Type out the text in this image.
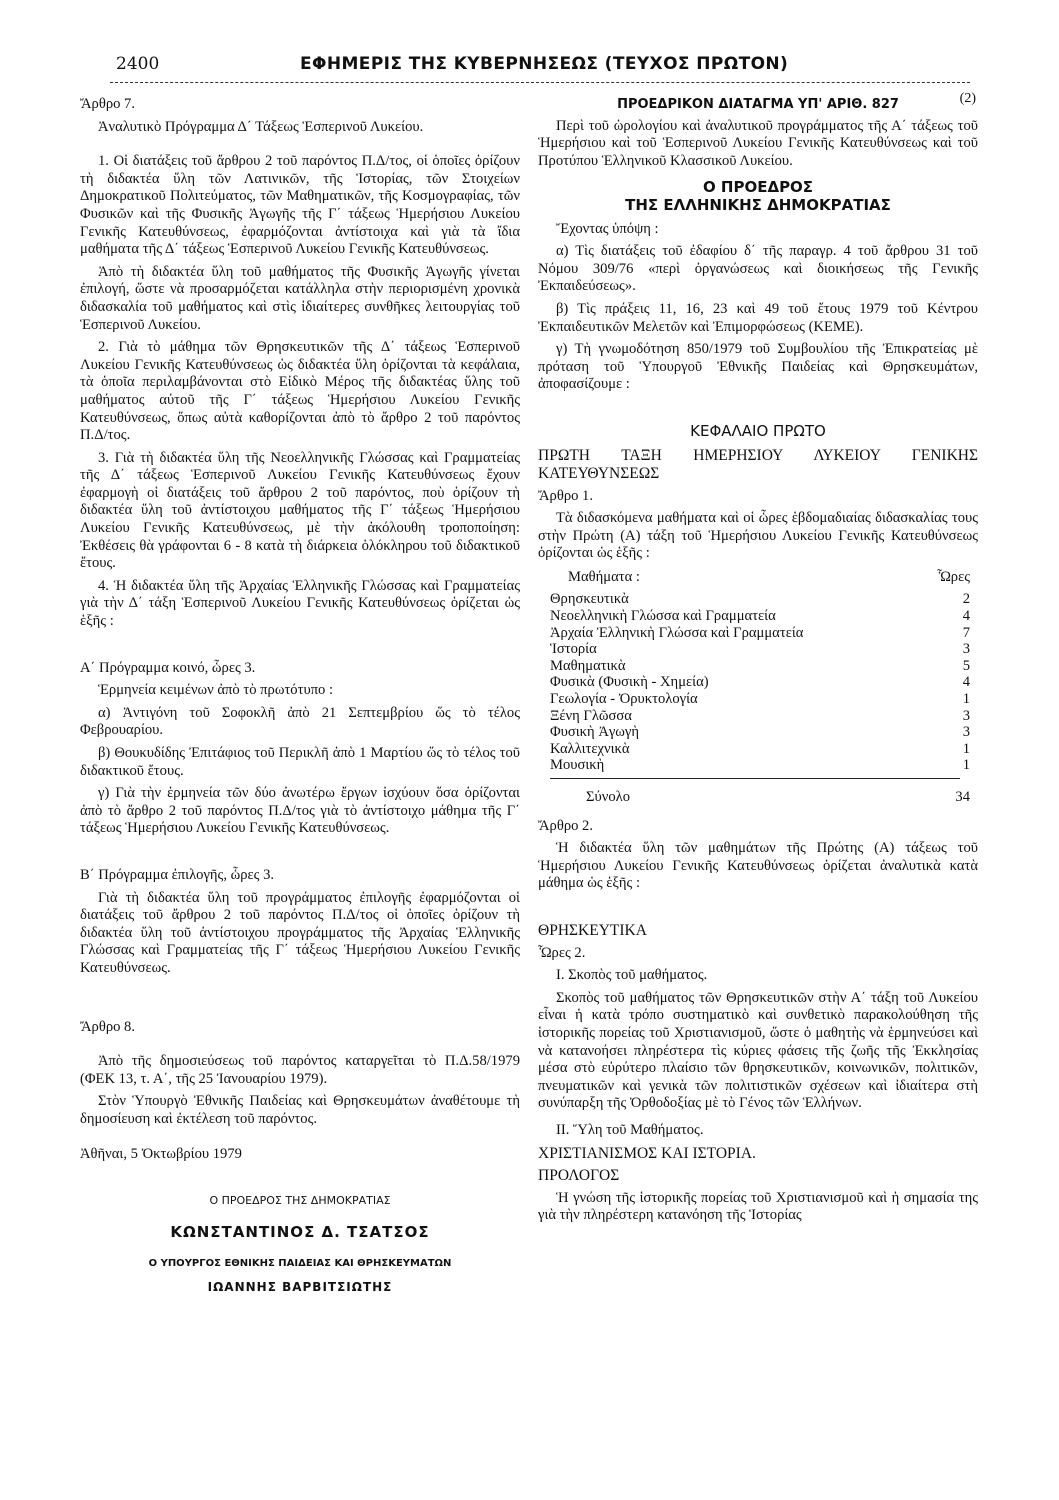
2400	ΕΦΗΜΕΡΙΣ ΤΗΣ ΚΥΒΕΡΝΗΣΕΩΣ (ΤΕΥΧΟΣ ΠΡΩΤΟΝ)

Ἄρθρο 7.

Ἀναλυτικὸ Πρόγραμμα Δ΄ Τάξεως Ἑσπερινοῦ Λυκείου.

1. Οἱ διατάξεις τοῦ ἄρθρου 2 τοῦ παρόντος Π.Δ/τος, οἱ ὁποῖες ὁρίζουν τὴ διδακτέα ὕλη τῶν Λατινικῶν, τῆς Ἱστορίας, τῶν Στοιχείων Δημοκρατικοῦ Πολιτεύματος, τῶν Μαθηματικῶν, τῆς Κοσμογραφίας, τῶν Φυσικῶν καὶ τῆς Φυσικῆς Ἀγωγῆς τῆς Γ΄ τάξεως Ἡμερήσιου Λυκείου Γενικῆς Κατευθύνσεως, ἐφαρμόζονται ἀντίστοιχα καὶ γιὰ τὰ ἴδια μαθήματα τῆς Δ΄ τάξεως Ἑσπερινοῦ Λυκείου Γενικῆς Κατευθύνσεως.

Ἀπὸ τὴ διδακτέα ὕλη τοῦ μαθήματος τῆς Φυσικῆς Ἀγωγῆς γίνεται ἐπιλογή, ὥστε νὰ προσαρμόζεται κατάλληλα στὴν περιορισμένη χρονικὰ διδασκαλία τοῦ μαθήματος καὶ στὶς ἰδιαίτερες συνθῆκες λειτουργίας τοῦ Ἑσπερινοῦ Λυκείου.

2. Γιὰ τὸ μάθημα τῶν Θρησκευτικῶν τῆς Δ΄ τάξεως Ἑσπερινοῦ Λυκείου Γενικῆς Κατευθύνσεως ὡς διδακτέα ὕλη ὁρίζονται τὰ κεφάλαια, τὰ ὁποῖα περιλαμβάνονται στὸ Εἰδικὸ Μέρος τῆς διδακτέας ὕλης τοῦ μαθήματος αὐτοῦ τῆς Γ΄ τάξεως Ἡμερήσιου Λυκείου Γενικῆς Κατευθύνσεως, ὅπως αὐτὰ καθορίζονται ἀπὸ τὸ ἄρθρο 2 τοῦ παρόντος Π.Δ/τος.

3. Γιὰ τὴ διδακτέα ὕλη τῆς Νεοελληνικῆς Γλώσσας καὶ Γραμματείας τῆς Δ΄ τάξεως Ἑσπερινοῦ Λυκείου Γενικῆς Κατευθύνσεως ἔχουν ἐφαρμογὴ οἱ διατάξεις τοῦ ἄρθρου 2 τοῦ παρόντος, ποὺ ὁρίζουν τὴ διδακτέα ὕλη τοῦ ἀντίστοιχου μαθήματος τῆς Γ΄ τάξεως Ἡμερήσιου Λυκείου Γενικῆς Κατευθύνσεως, μὲ τὴν ἀκόλουθη τροποποίηση: Ἐκθέσεις θὰ γράφονται 6 - 8 κατὰ τὴ διάρκεια ὁλόκληρου τοῦ διδακτικοῦ ἔτους.

4. Ἡ διδακτέα ὕλη τῆς Ἀρχαίας Ἑλληνικῆς Γλώσσας καὶ Γραμματείας γιὰ τὴν Δ΄ τάξη Ἑσπερινοῦ Λυκείου Γενικῆς Κατευθύνσεως ὁρίζεται ὡς ἑξῆς :

Α΄ Πρόγραμμα κοινό, ὧρες 3.

Ἑρμηνεία κειμένων ἀπὸ τὸ πρωτότυπο :

α) Ἀντιγόνη τοῦ Σοφοκλῆ ἀπὸ 21 Σεπτεμβρίου ὥς τὸ τέλος Φεβρουαρίου.

β) Θουκυδίδης Ἐπιτάφιος τοῦ Περικλῆ ἀπὸ 1 Μαρτίου ὥς τὸ τέλος τοῦ διδακτικοῦ ἔτους.

γ) Γιὰ τὴν ἑρμηνεία τῶν δύο ἀνωτέρω ἔργων ἰσχύουν ὅσα ὁρίζονται ἀπὸ τὸ ἄρθρο 2 τοῦ παρόντος Π.Δ/τος γιὰ τὸ ἀντίστοιχο μάθημα τῆς Γ΄ τάξεως Ἡμερήσιου Λυκείου Γενικῆς Κατευθύνσεως.

Β΄ Πρόγραμμα ἐπιλογῆς, ὧρες 3.

Γιὰ τὴ διδακτέα ὕλη τοῦ προγράμματος ἐπιλογῆς ἐφαρμόζονται οἱ διατάξεις τοῦ ἄρθρου 2 τοῦ παρόντος Π.Δ/τος οἱ ὁποῖες ὁρίζουν τὴ διδακτέα ὕλη τοῦ ἀντίστοιχου προγράμματος τῆς Ἀρχαίας Ἑλληνικῆς Γλώσσας καὶ Γραμματείας τῆς Γ΄ τάξεως Ἡμερήσιου Λυκείου Γενικῆς Κατευθύνσεως.

Ἄρθρο 8.

Ἀπὸ τῆς δημοσιεύσεως τοῦ παρόντος καταργεῖται τὸ Π.Δ.58/1979 (ΦΕΚ 13, τ. Α΄, τῆς 25 Ἰανουαρίου 1979).

Στὸν Ὑπουργὸ Ἐθνικῆς Παιδείας καὶ Θρησκευμάτων ἀναθέτουμε τὴ δημοσίευση καὶ ἐκτέλεση τοῦ παρόντος.

Ἀθῆναι, 5 Ὀκτωβρίου 1979

Ο ΠΡΟΕΔΡΟΣ ΤΗΣ ΔΗΜΟΚΡΑΤΙΑΣ
ΚΩΝΣΤΑΝΤΙΝΟΣ Δ. ΤΣΑΤΣΟΣ
Ο ΥΠΟΥΡΓΟΣ ΕΘΝΙΚΗΣ ΠΑΙΔΕΙΑΣ ΚΑΙ ΘΡΗΣΚΕΥΜΑΤΩΝ
ΙΩΑΝΝΗΣ ΒΑΡΒΙΤΣΙΩΤΗΣ
ΠΡΟΕΔΡΙΚΟΝ ΔΙΑΤΑΓΜΑ ΥΠ' ΑΡΙΘ. 827	(2)

Περὶ τοῦ ὡρολογίου καὶ ἀναλυτικοῦ προγράμματος τῆς Α΄ τάξεως τοῦ Ἡμερήσιου καὶ τοῦ Ἑσπερινοῦ Λυκείου Γενικῆς Κατευθύνσεως καὶ τοῦ Προτύπου Ἑλληνικοῦ Κλασσικοῦ Λυκείου.

Ο ΠΡΟΕΔΡΟΣ
ΤΗΣ ΕΛΛΗΝΙΚΗΣ ΔΗΜΟΚΡΑΤΙΑΣ

Ἔχοντας ὑπόψη :

α) Τὶς διατάξεις τοῦ ἐδαφίου δ΄ τῆς παραγρ. 4 τοῦ ἄρθρου 31 τοῦ Νόμου 309/76 «περὶ ὀργανώσεως καὶ διοικήσεως τῆς Γενικῆς Ἐκπαιδεύσεως».

β) Τὶς πράξεις 11, 16, 23 καὶ 49 τοῦ ἔτους 1979 τοῦ Κέντρου Ἐκπαιδευτικῶν Μελετῶν καὶ Ἐπιμορφώσεως (ΚΕΜΕ).

γ) Τὴ γνωμοδότηση 850/1979 τοῦ Συμβουλίου τῆς Ἐπικρατείας μὲ πρόταση τοῦ Ὑπουργοῦ Ἐθνικῆς Παιδείας καὶ Θρησκευμάτων, ἀποφασίζουμε :

ΚΕΦΑΛΑΙΟ ΠΡΩΤΟ

ΠΡΩΤΗ ΤΑΞΗ ΗΜΕΡΗΣΙΟΥ ΛΥΚΕΙΟΥ ΓΕΝΙΚΗΣ ΚΑΤΕΥΘΥΝΣΕΩΣ

Ἄρθρο 1.

Τὰ διδασκόμενα μαθήματα καὶ οἱ ὧρες ἑβδομαδιαίας διδασκαλίας τους στὴν Πρώτη (Α) τάξη τοῦ Ἡμερήσιου Λυκείου Γενικῆς Κατευθύνσεως ὁρίζονται ὡς ἑξῆς :

Μαθήματα :	Ὧρες

Θρησκευτικὰ	2
Νεοελληνικὴ Γλώσσα καὶ Γραμματεία	4
Ἀρχαία Ἑλληνικὴ Γλώσσα καὶ Γραμματεία	7
Ἱστορία	3
Μαθηματικὰ	5
Φυσικὰ (Φυσικὴ - Χημεία)	4
Γεωλογία - Ὀρυκτολογία	1
Ξένη Γλῶσσα	3
Φυσικὴ Ἀγωγὴ	3
Καλλιτεχνικὰ	1
Μουσικὴ	1
Σύνολο	34

Ἄρθρο 2.

Ἡ διδακτέα ὕλη τῶν μαθημάτων τῆς Πρώτης (Α) τάξεως τοῦ Ἡμερήσιου Λυκείου Γενικῆς Κατευθύνσεως ὁρίζεται ἀναλυτικὰ κατὰ μάθημα ὡς ἑξῆς :

ΘΡΗΣΚΕΥΤΙΚΑ

Ὧρες 2.

Ι. Σκοπὸς τοῦ μαθήματος.

Σκοπὸς τοῦ μαθήματος τῶν Θρησκευτικῶν στὴν Α΄ τάξη τοῦ Λυκείου εἶναι ἡ κατὰ τρόπο συστηματικὸ καὶ συνθετικὸ παρακολούθηση τῆς ἱστορικῆς πορείας τοῦ Χριστιανισμοῦ, ὥστε ὁ μαθητὴς νὰ ἑρμηνεύσει καὶ νὰ κατανοήσει πληρέστερα τὶς κύριες φάσεις τῆς ζωῆς τῆς Ἐκκλησίας μέσα στὸ εὐρύτερο πλαίσιο τῶν θρησκευτικῶν, κοινωνικῶν, πολιτικῶν, πνευματικῶν καὶ γενικὰ τῶν πολιτιστικῶν σχέσεων καὶ ἰδιαίτερα στὴ συνύπαρξη τῆς Ὀρθοδοξίας μὲ τὸ Γένος τῶν Ἑλλήνων.

ΙΙ. Ὕλη τοῦ Μαθήματος.

ΧΡΙΣΤΙΑΝΙΣΜΟΣ ΚΑΙ ΙΣΤΟΡΙΑ.

ΠΡΟΛΟΓΟΣ

Ἡ γνώση τῆς ἱστορικῆς πορείας τοῦ Χριστιανισμοῦ καὶ ἡ σημασία της γιὰ τὴν πληρέστερη κατανόηση τῆς Ἱστορίας
